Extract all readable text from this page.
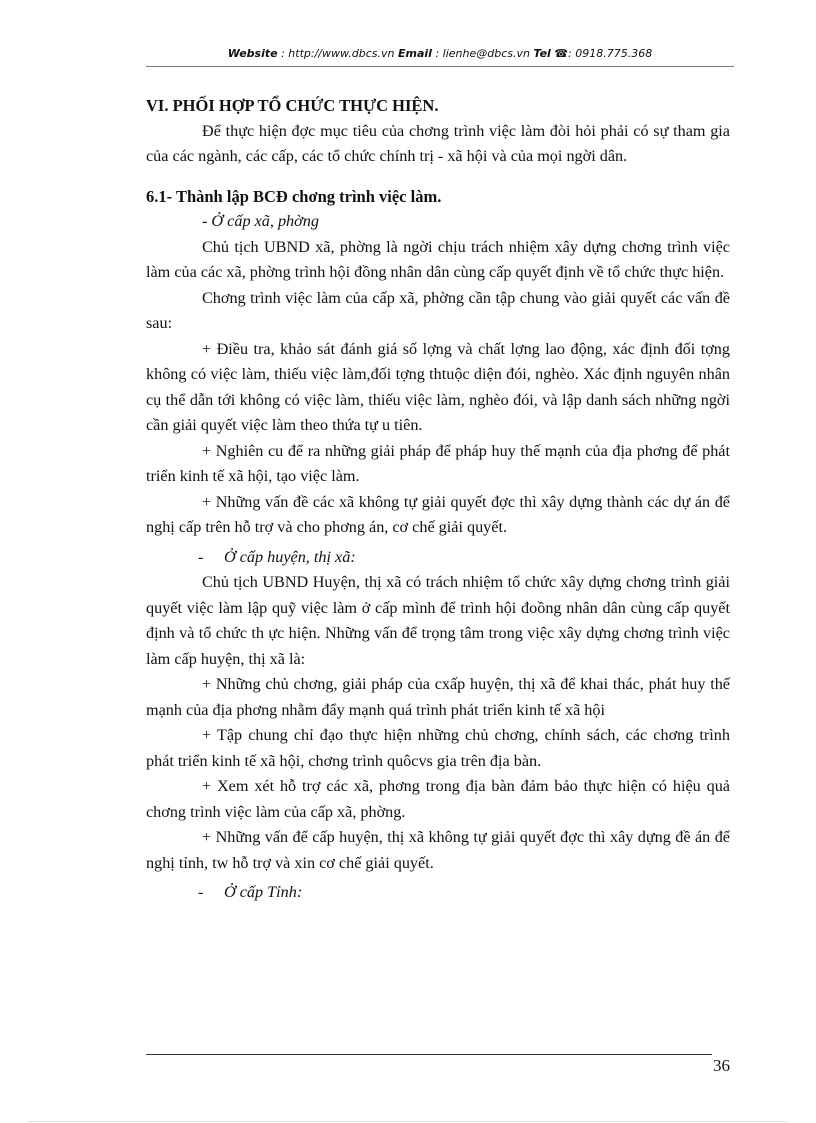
Website : http://www.dbcs.vn Email : lienhe@dbcs.vn Tel ☎: 0918.775.368

VI. PHỐI HỢP TỔ CHỨC THỰC HIỆN.

Để thực hiện đợc mục tiêu của chơng trình việc làm đòi hỏi phải có sự tham gia của các ngành, các cấp, các tổ chức chính trị - xã hội và của mọi ngời dân.

6.1- Thành lập BCĐ chơng trình việc làm.

- Ở cấp xã, phờng

Chủ tịch UBND xã, phờng là ngời chịu trách nhiệm xây dựng chơng trình việc làm của các xã, phờng trình hội đồng nhân dân cùng cấp quyết định về tổ chức thực hiện.

Chơng trình việc làm của cấp xã, phờng cần tập chung vào giải quyết các vấn đề sau:

+ Điều tra, khảo sát đánh giá số lợng và chất lợng lao động, xác định đối tợng không có việc làm, thiếu việc làm,đối tợng thtuộc diện đói, nghèo. Xác định nguyên nhân cụ thể dẫn tới không có việc làm, thiếu việc làm, nghèo đói, và lập danh sách những ngời cần giải quyết việc làm theo thứa tự u tiên.

+ Nghiên cu để ra những giải pháp để pháp huy thế mạnh của địa phơng để phát triển kinh tế xã hội, tạo việc làm.

+ Những vấn đề các xã không tự giải quyết đợc thì xây dựng thành các dự án để nghị cấp trên hỗ trợ và cho phơng án, cơ chế giải quyết.

- Ở cấp huyện, thị xã:

Chủ tịch UBND Huyện, thị xã có trách nhiệm tổ chức xây dựng chơng trình giải quyết việc làm lập quỹ việc làm ở cấp mình để trình hội đoồng nhân dân cùng cấp quyết định và tổ chức th ực hiện. Những vấn để trọng tâm trong việc xây dựng chơng trình việc làm cấp huyện, thị xã là:

+ Những chủ chơng, giải pháp của cxấp huyện, thị xã để khai thác, phát huy thế mạnh của địa phơng nhằm đẩy mạnh quá trình phát triển kinh tế xã hội

+ Tập chung chỉ đạo thực hiện những chủ chơng, chính sách, các chơng trình phát triển kinh tế xã hội, chơng trình quôcvs gia trên địa bàn.

+ Xem xét hỗ trợ các xã, phơng trong địa bàn đảm bảo thực hiện có hiệu quả chơng trình việc làm của cấp xã, phờng.

+ Những vấn để cấp huyện, thị xã không tự giải quyết đợc thì xây dựng đề án để nghị tỉnh, tw hỗ trợ và xin cơ chế giải quyết.

- Ở cấp Tỉnh:

36
